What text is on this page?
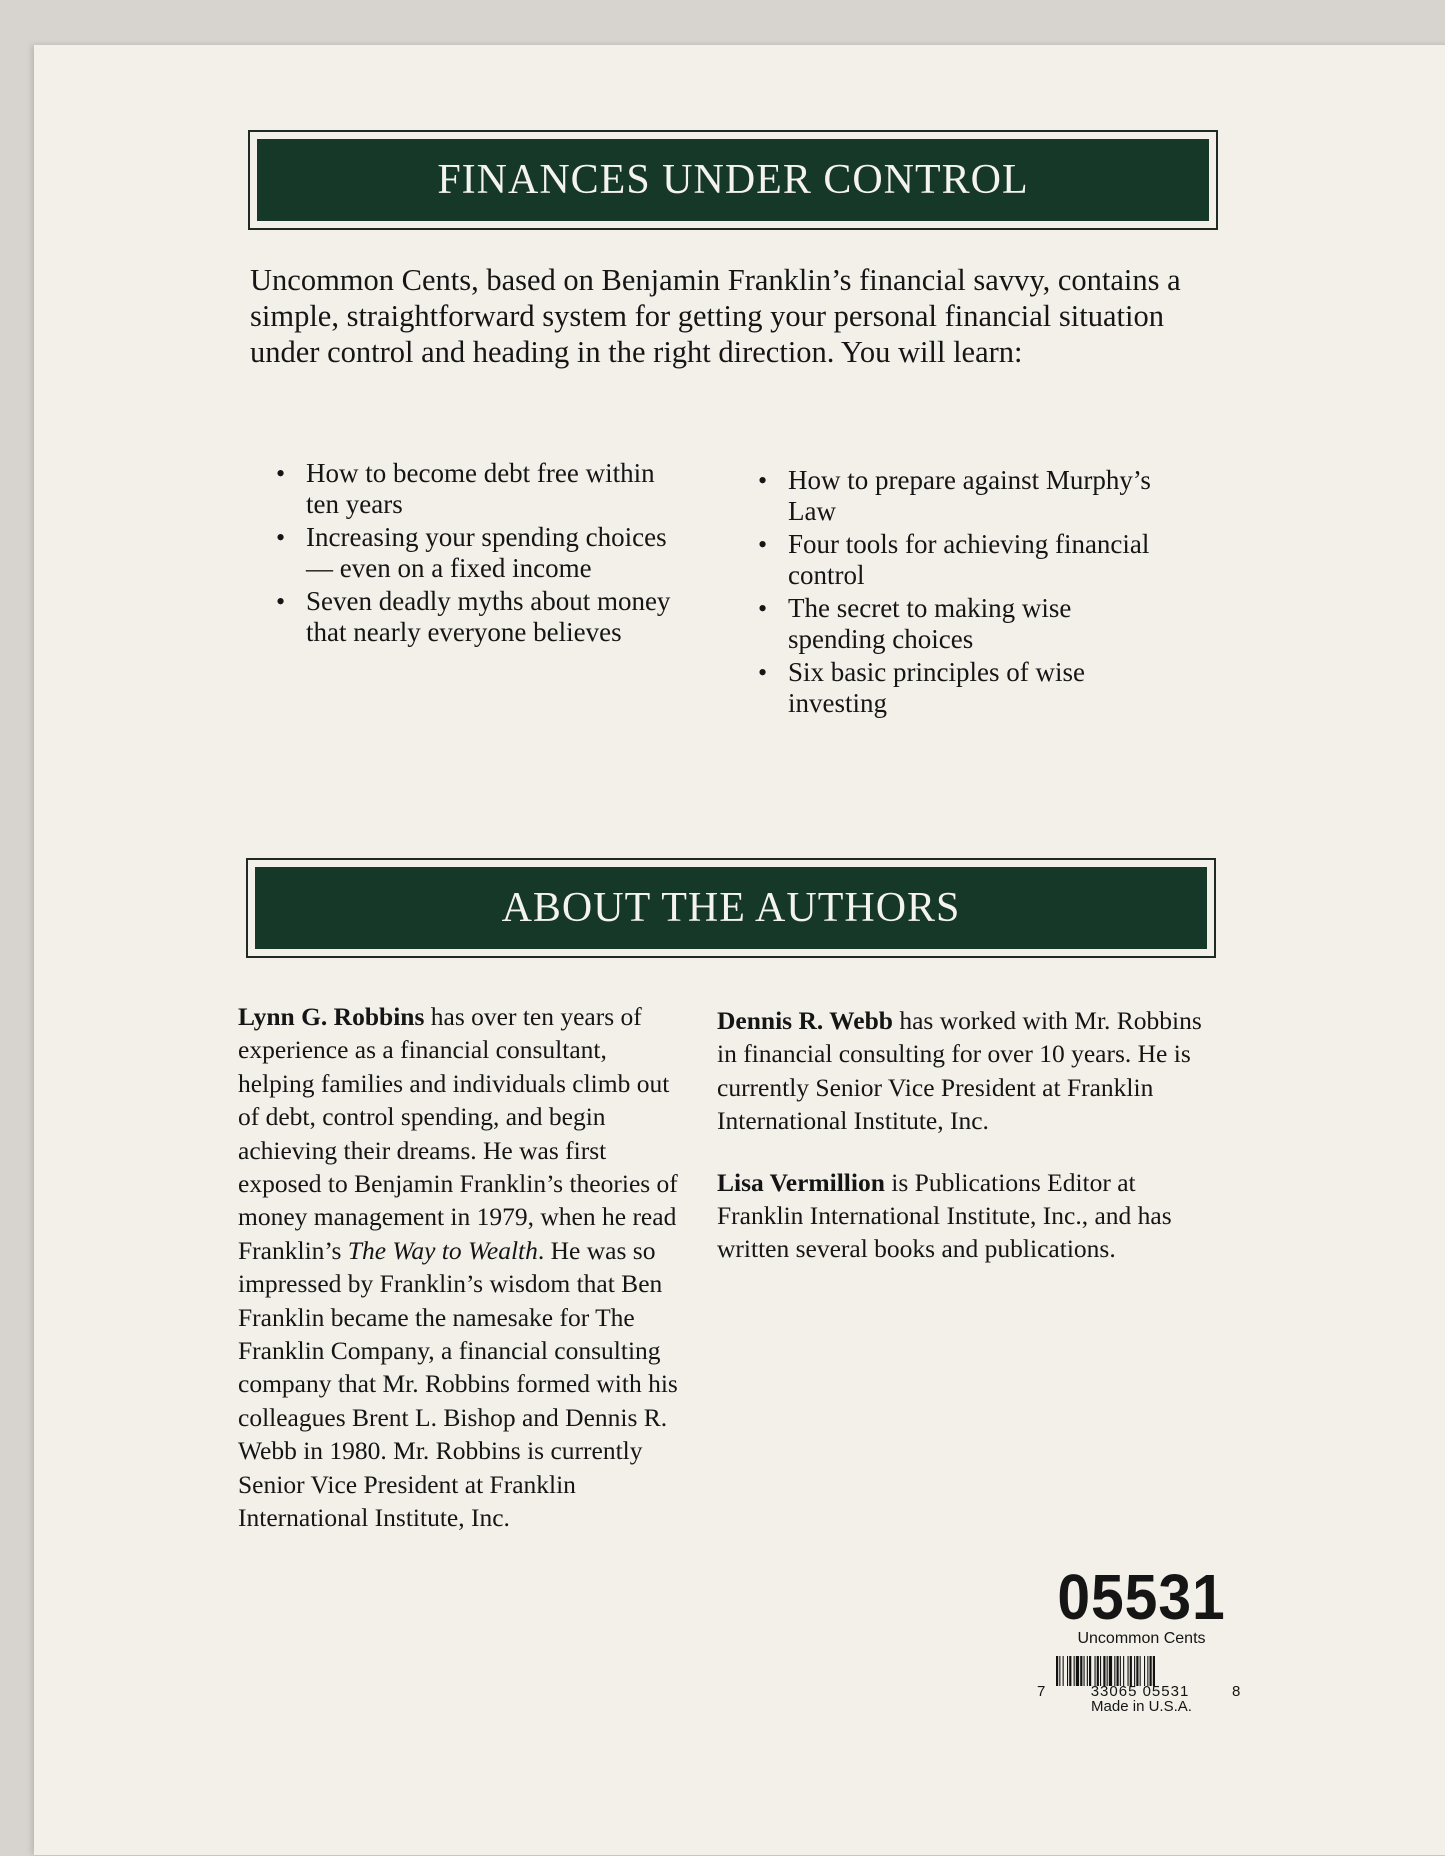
FINANCES UNDER CONTROL
Uncommon Cents, based on Benjamin Franklin’s financial savvy, contains a simple, straightforward system for getting your personal financial situation under control and heading in the right direction. You will learn:
• How to become debt free within ten years
• Increasing your spending choices— even on a fixed income
• Seven deadly myths about money that nearly everyone believes
• How to prepare against Murphy’s Law
• Four tools for achieving financial control
• The secret to making wise spending choices
• Six basic principles of wise investing
ABOUT THE AUTHORS

Lynn G. Robbins has over ten years of experience as a financial consultant, helping families and individuals climb out of debt, control spending, and begin achieving their dreams. He was first exposed to Benjamin Franklin’s theories of money management in 1979, when he read Franklin’s The Way to Wealth. He was so impressed by Franklin’s wisdom that Ben Franklin became the namesake for The Franklin Company, a financial consulting company that Mr. Robbins formed with his colleagues Brent L. Bishop and Dennis R. Webb in 1980. Mr. Robbins is currently Senior Vice President at Franklin International Institute, Inc.

Dennis R. Webb has worked with Mr. Robbins in financial consulting for over 10 years. He is currently Senior Vice President at Franklin International Institute, Inc.

Lisa Vermillion is Publications Editor at Franklin International Institute, Inc., and has written several books and publications.

05531
Uncommon Cents
7	33065 05531	8
Made in U.S.A.
